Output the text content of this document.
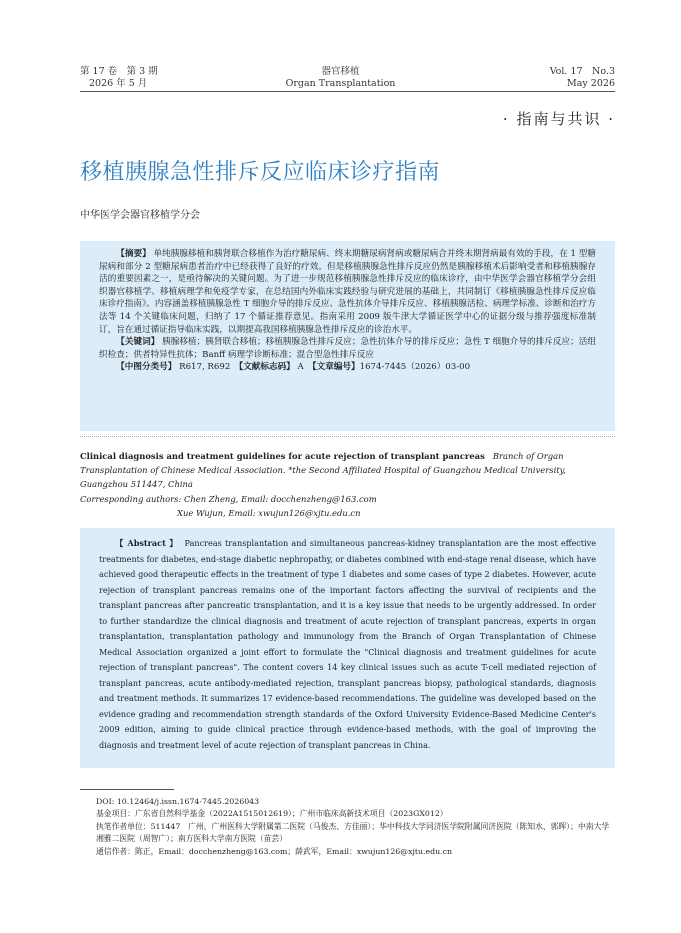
第 17 卷　第 3 期
2026 年 5 月
器官移植
Organ Transplantation
Vol. 17　No.3
May 2026
· 指南与共识 ·
移植胰腺急性排斥反应临床诊疗指南
中华医学会器官移植学分会

【摘要】 单纯胰腺移植和胰肾联合移植作为治疗糖尿病、终末期糖尿病肾病或糖尿病合并终末期肾病最有效的手段，在 1 型糖尿病和部分 2 型糖尿病患者治疗中已经获得了良好的疗效。但是移植胰腺急性排斥反应仍然是胰腺移植术后影响受者和移植胰腺存活的重要因素之一，是亟待解决的关键问题。为了进一步规范移植胰腺急性排斥反应的临床诊疗，由中华医学会器官移植学分会组织器官移植学、移植病理学和免疫学专家，在总结国内外临床实践经验与研究进展的基础上，共同制订《移植胰腺急性排斥反应临床诊疗指南》。内容涵盖移植胰腺急性 T 细胞介导的排斥反应、急性抗体介导排斥反应、移植胰腺活检、病理学标准、诊断和治疗方法等 14 个关键临床问题，归纳了 17 个循证推荐意见。指南采用 2009 版牛津大学循证医学中心的证据分级与推荐强度标准制订，旨在通过循证指导临床实践，以期提高我国移植胰腺急性排斥反应的诊治水平。

【关键词】 胰腺移植；胰肾联合移植；移植胰腺急性排斥反应；急性抗体介导的排斥反应；急性 T 细胞介导的排斥反应；活组织检查；供者特异性抗体；Banff 病理学诊断标准；混合型急性排斥反应

【中图分类号】 R617, R692　 【文献标志码】 A　 【文章编号】1674-7445（2026）03-00

Clinical diagnosis and treatment guidelines for acute rejection of transplant pancreas Branch of Organ Transplantation of Chinese Medical Association. *the Second Affiliated Hospital of Guangzhou Medical University, Guangzhou 511447, China
Corresponding authors: Chen Zheng, Email: docchenzheng@163.com
Xue Wujun, Email: xwujun126@xjtu.edu.cn

【 Abstract 】 Pancreas transplantation and simultaneous pancreas-kidney transplantation are the most effective treatments for diabetes, end-stage diabetic nephropathy, or diabetes combined with end-stage renal disease, which have achieved good therapeutic effects in the treatment of type 1 diabetes and some cases of type 2 diabetes. However, acute rejection of transplant pancreas remains one of the important factors affecting the survival of recipients and the transplant pancreas after pancreatic transplantation, and it is a key issue that needs to be urgently addressed. In order to further standardize the clinical diagnosis and treatment of acute rejection of transplant pancreas, experts in organ transplantation, transplantation pathology and immunology from the Branch of Organ Transplantation of Chinese Medical Association organized a joint effort to formulate the "Clinical diagnosis and treatment guidelines for acute rejection of transplant pancreas". The content covers 14 key clinical issues such as acute T-cell mediated rejection of transplant pancreas, acute antibody-mediated rejection, transplant pancreas biopsy, pathological standards, diagnosis and treatment methods. It summarizes 17 evidence-based recommendations. The guideline was developed based on the evidence grading and recommendation strength standards of the Oxford University Evidence-Based Medicine Center's 2009 edition, aiming to guide clinical practice through evidence-based methods, with the goal of improving the diagnosis and treatment level of acute rejection of transplant pancreas in China.

DOI: 10.12464/j.issn.1674-7445.2026043
基金项目：广东省自然科学基金（2022A1515012619）；广州市临床高新技术项目（2023GX012）
执笔作者单位：511447　广州，广州医科大学附属第二医院（马俊杰、方佳丽）；华中科技大学同济医学院附属同济医院（陈知水、郭晖）；中南大学湘雅二医院（周智广）；南方医科大学南方医院（苗芸）
通信作者：陈正，Email：docchenzheng@163.com；薛武军，Email：xwujun126@xjtu.edu.cn
